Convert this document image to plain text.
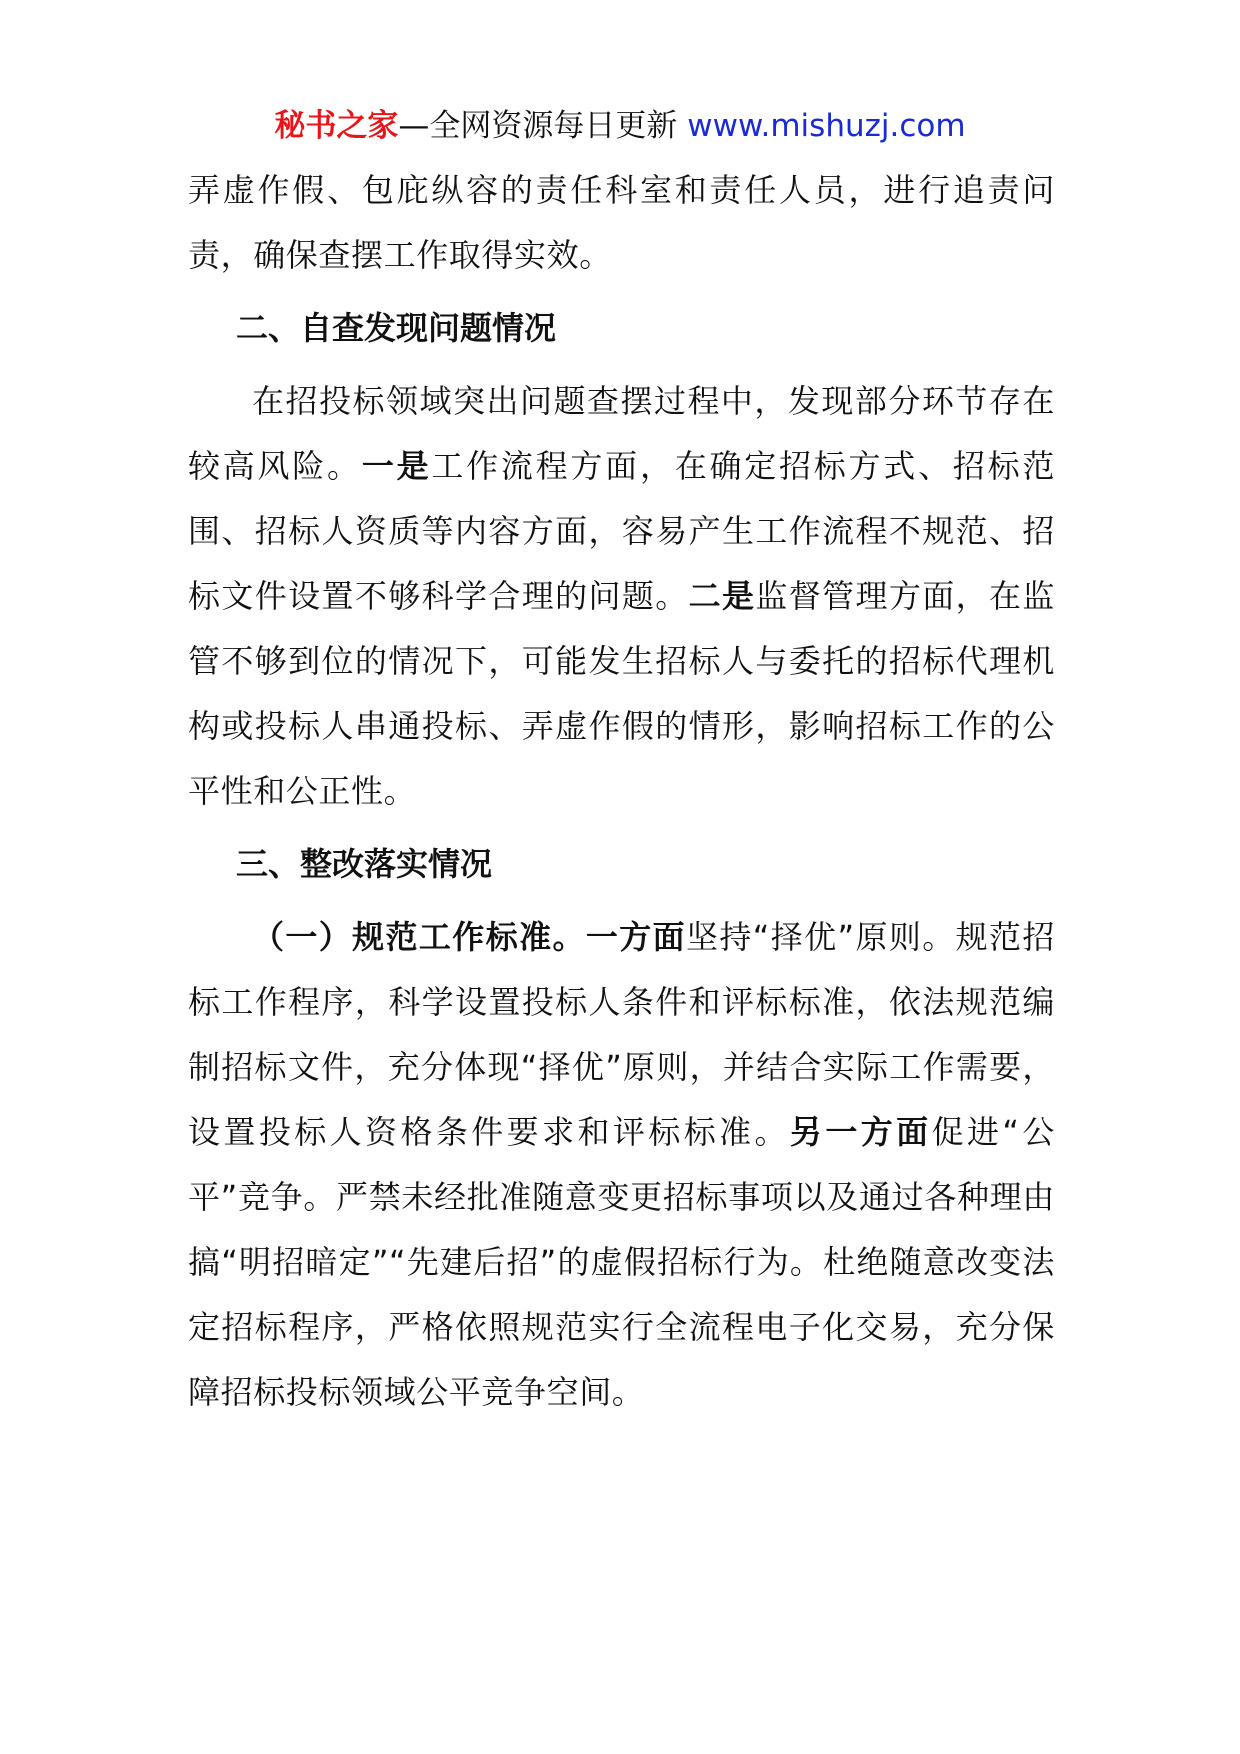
秘书之家—全网资源每日更新 www.mishuzj.com

弄虚作假、包庇纵容的责任科室和责任人员，进行追责问责，确保查摆工作取得实效。

二、自查发现问题情况

在招投标领域突出问题查摆过程中，发现部分环节存在较高风险。一是工作流程方面，在确定招标方式、招标范围、招标人资质等内容方面，容易产生工作流程不规范、招标文件设置不够科学合理的问题。二是监督管理方面，在监管不够到位的情况下，可能发生招标人与委托的招标代理机构或投标人串通投标、弄虚作假的情形，影响招标工作的公平性和公正性。

三、整改落实情况

（一）规范工作标准。一方面坚持“择优”原则。规范招标工作程序，科学设置投标人条件和评标标准，依法规范编制招标文件，充分体现“择优”原则，并结合实际工作需要，设置投标人资格条件要求和评标标准。另一方面促进“公平”竞争。严禁未经批准随意变更招标事项以及通过各种理由搞“明招暗定”“先建后招”的虚假招标行为。杜绝随意改变法定招标程序，严格依照规范实行全流程电子化交易，充分保障招标投标领域公平竞争空间。
